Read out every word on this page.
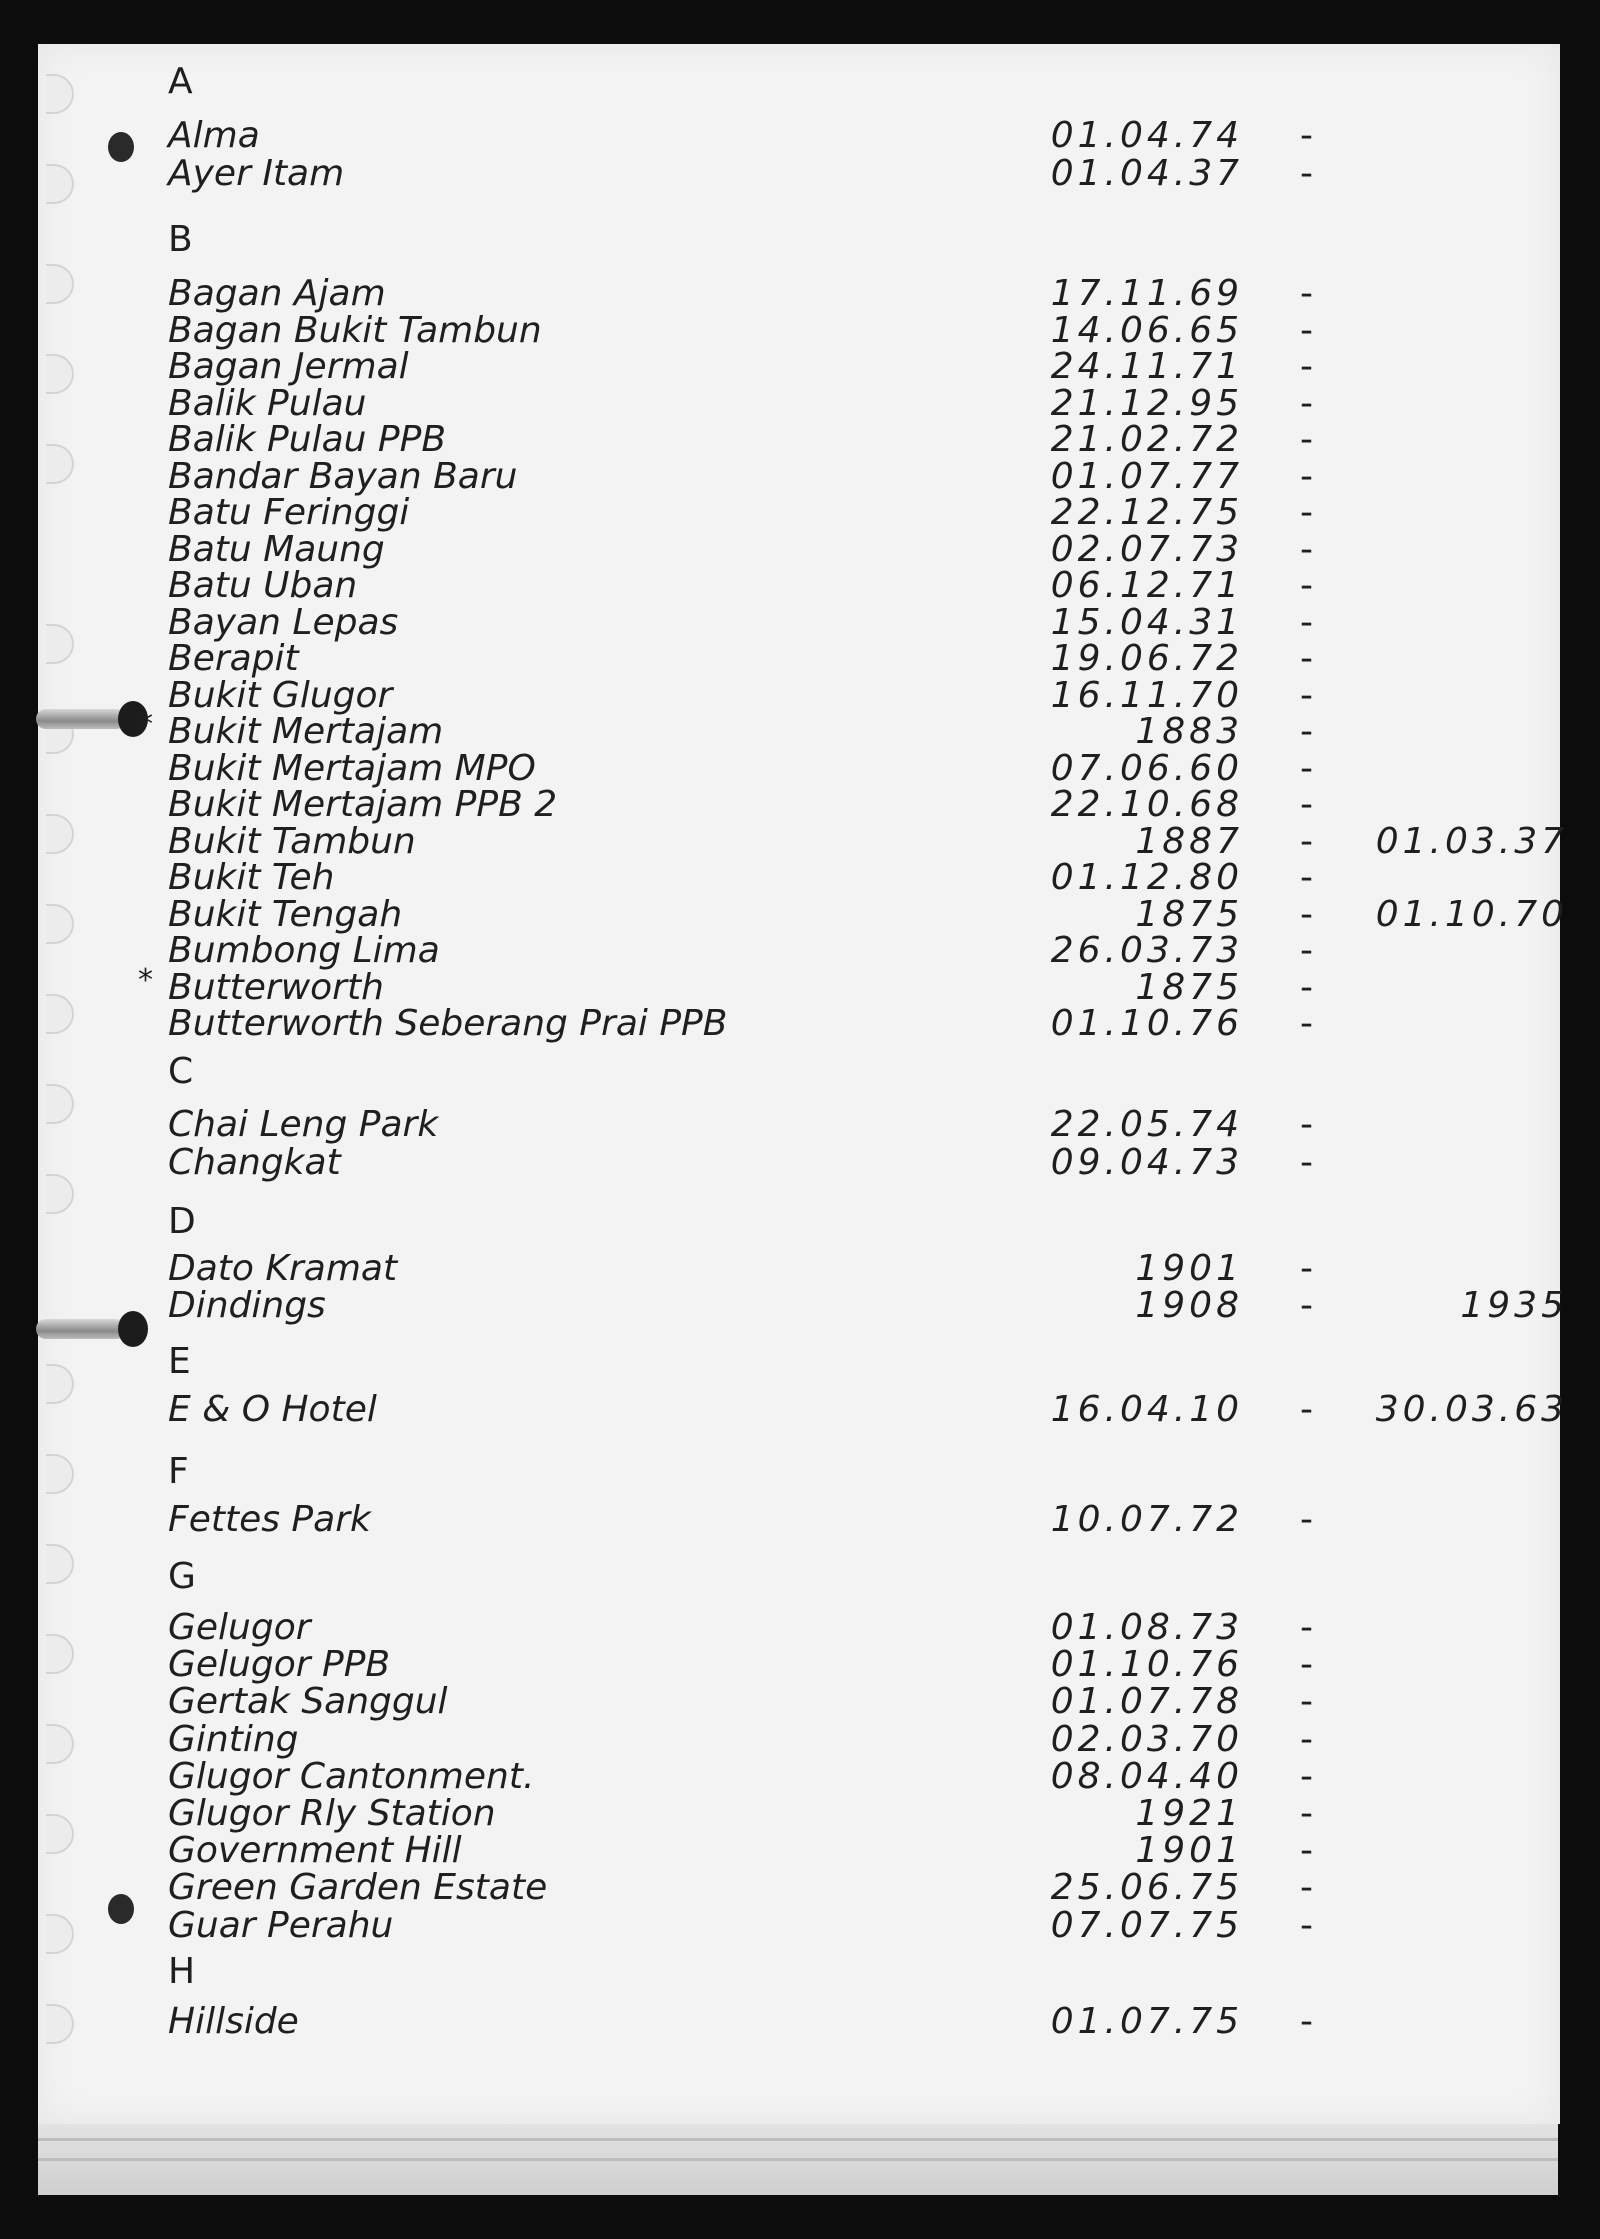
A
Alma	01.04.74 -
Ayer Itam	01.04.37 -
B
Bagan Ajam	17.11.69 -
Bagan Bukit Tambun	14.06.65 -
Bagan Jermal	24.11.71 -
Balik Pulau	21.12.95 -
Balik Pulau PPB	21.02.72 -
Bandar Bayan Baru	01.07.77 -
Batu Feringgi	22.12.75 -
Batu Maung	02.07.73 -
Batu Uban	06.12.71 -
Bayan Lepas	15.04.31 -
Berapit	19.06.72 -
Bukit Glugor	16.11.70 -
Bukit Mertajam	1883 -
*
Bukit Mertajam MPO	07.06.60 -
Bukit Mertajam PPB 2	22.10.68 -
Bukit Tambun	1887 -	01.03.37
Bukit Teh	01.12.80 -
Bukit Tengah	1875 -	01.10.70
Bumbong Lima	26.03.73 -
Butterworth	1875 -
*
Butterworth Seberang Prai PPB	01.10.76 -
C
Chai Leng Park	22.05.74 -
Changkat	09.04.73 -
D
Dato Kramat	1901 -
Dindings	1908 -	1935
E
E & O Hotel	16.04.10 -	30.03.63
F
Fettes Park	10.07.72 -
G
Gelugor	01.08.73 -
Gelugor PPB	01.10.76 -
Gertak Sanggul	01.07.78 -
Ginting	02.03.70 -
Glugor Cantonment.	08.04.40 -
Glugor Rly Station	1921 -
Government Hill	1901 -
Green Garden Estate	25.06.75 -
Guar Perahu	07.07.75 -
H
Hillside	01.07.75 -
